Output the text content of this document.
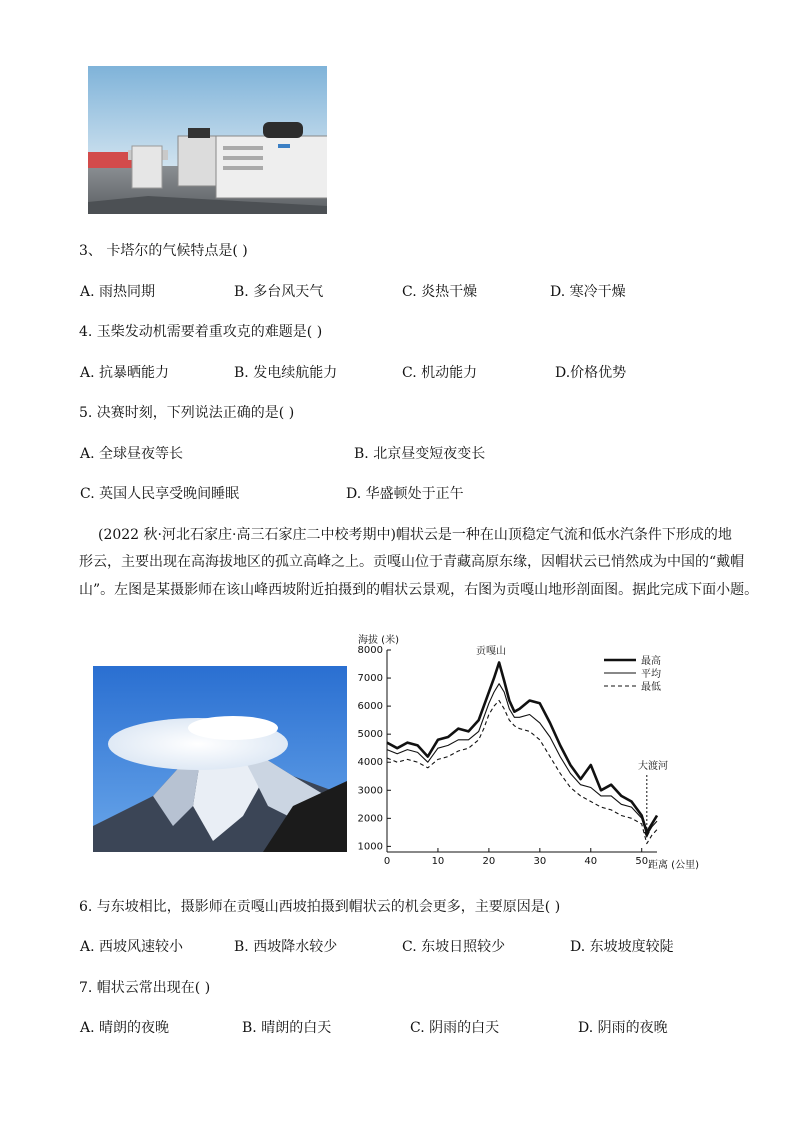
3、 卡塔尔的气候特点是( )
A. 雨热同期	B. 多台风天气	C. 炎热干燥	D. 寒冷干燥
4. 玉柴发动机需要着重攻克的难题是( )
A. 抗暴晒能力	B. 发电续航能力	C. 机动能力	D.价格优势
5. 决赛时刻，下列说法正确的是( )
A. 全球昼夜等长	B. 北京昼变短夜变长
C. 英国人民享受晚间睡眠	D. 华盛顿处于正午
(2022 秋·河北石家庄·高三石家庄二中校考期中)帽状云是一种在山顶稳定气流和低水汽条件下形成的地
形云，主要出现在高海拔地区的孤立高峰之上。贡嘎山位于青藏高原东缘，因帽状云已悄然成为中国的“戴帽
山”。左图是某摄影师在该山峰西坡附近拍摄到的帽状云景观，右图为贡嘎山地形剖面图。据此完成下面小题。
海拔 (米)
距离 (公里)
贡嘎山
大渡河
1000
2000
3000
4000
5000
6000
7000
8000
0	10	20	30	40	50
最高
平均
最低
6. 与东坡相比，摄影师在贡嘎山西坡拍摄到帽状云的机会更多，主要原因是( )
A. 西坡风速较小	B. 西坡降水较少	C. 东坡日照较少	D. 东坡坡度较陡
7. 帽状云常出现在( )
A. 晴朗的夜晚	B. 晴朗的白天	C. 阴雨的白天	D. 阴雨的夜晚
